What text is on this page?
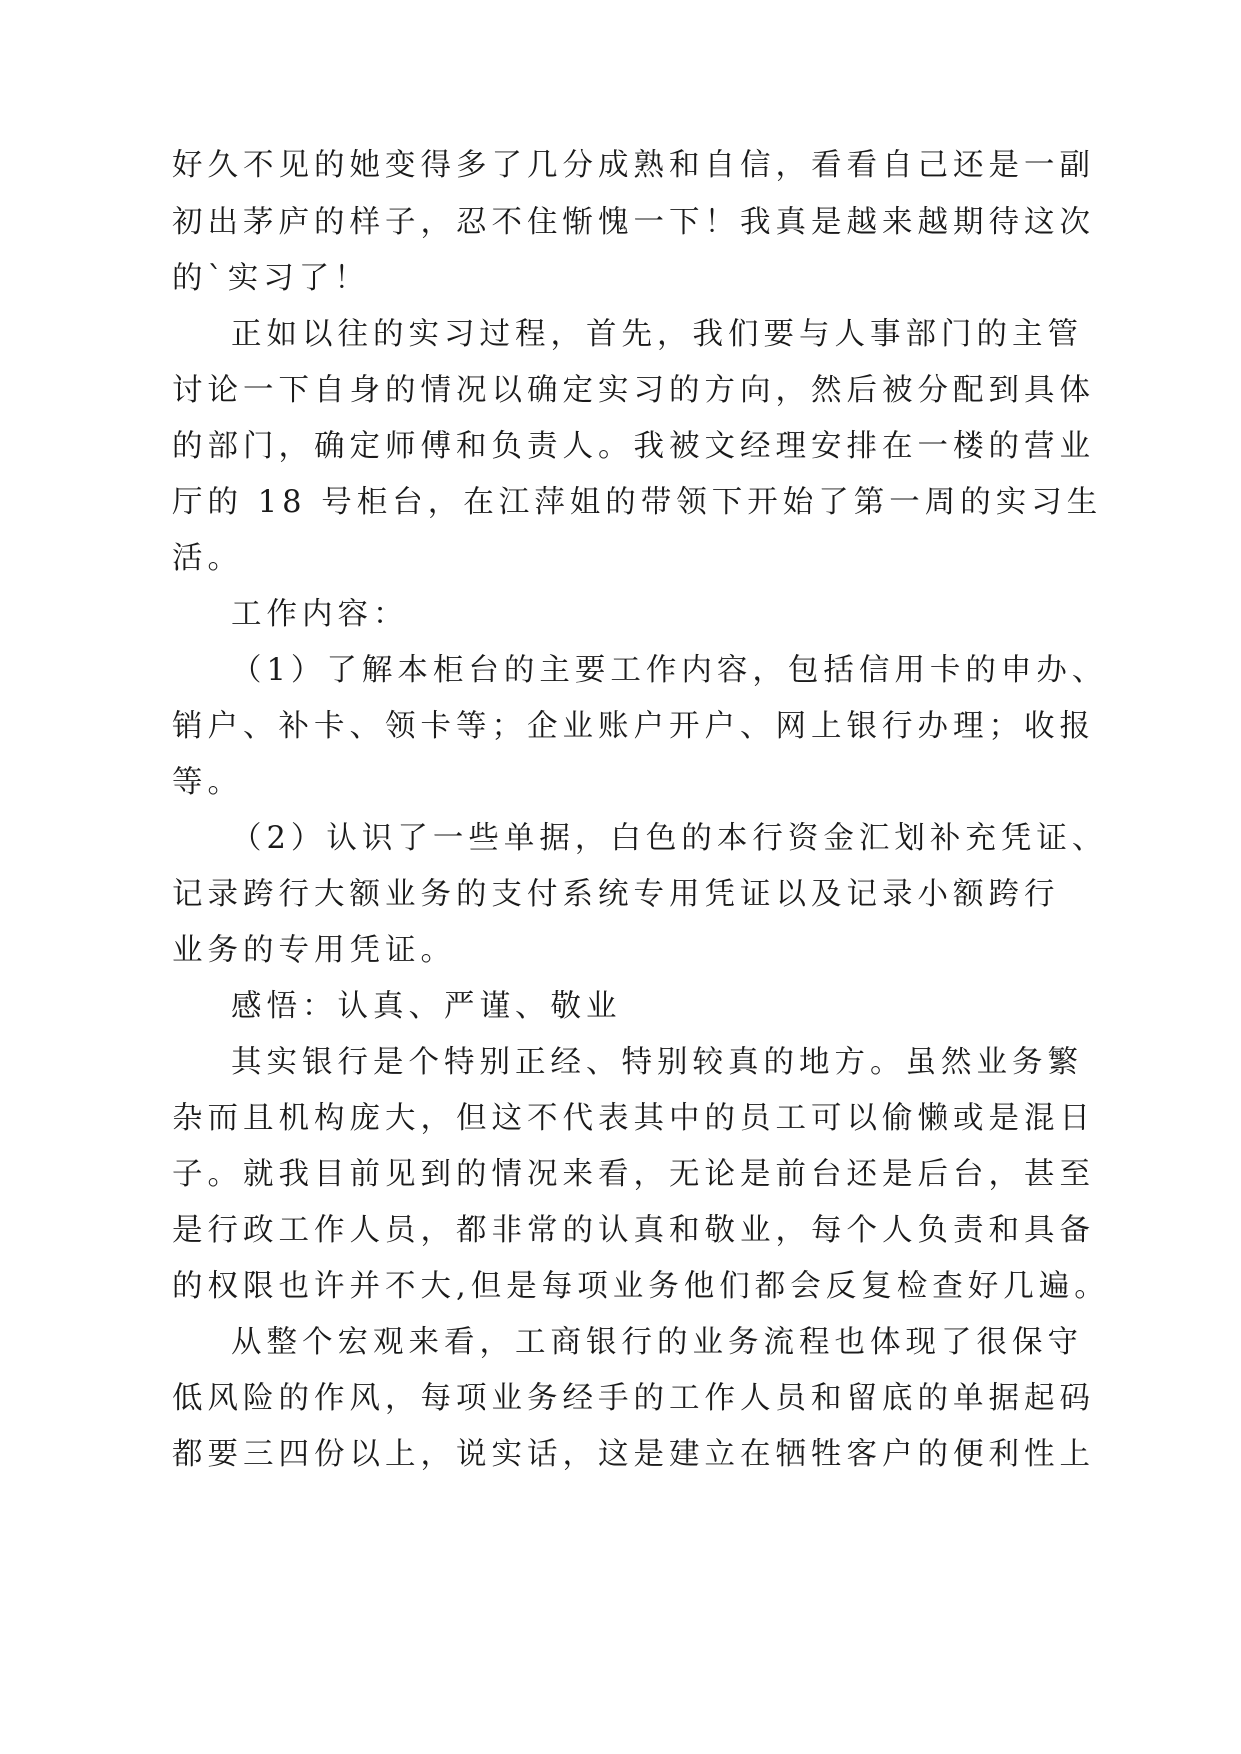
好久不见的她变得多了几分成熟和自信，看看自己还是一副
初出茅庐的样子，忍不住惭愧一下！我真是越来越期待这次
的`实习了！
正如以往的实习过程，首先，我们要与人事部门的主管
讨论一下自身的情况以确定实习的方向，然后被分配到具体
的部门，确定师傅和负责人。我被文经理安排在一楼的营业
厅的 18 号柜台，在江萍姐的带领下开始了第一周的实习生
活。
工作内容：
（1）了解本柜台的主要工作内容，包括信用卡的申办、
销户、补卡、领卡等；企业账户开户、网上银行办理；收报
等。
（2）认识了一些单据，白色的本行资金汇划补充凭证、
记录跨行大额业务的支付系统专用凭证以及记录小额跨行
业务的专用凭证。
感悟：认真、严谨、敬业
其实银行是个特别正经、特别较真的地方。虽然业务繁
杂而且机构庞大，但这不代表其中的员工可以偷懒或是混日
子。就我目前见到的情况来看，无论是前台还是后台，甚至
是行政工作人员，都非常的认真和敬业，每个人负责和具备
的权限也许并不大,但是每项业务他们都会反复检查好几遍。
从整个宏观来看，工商银行的业务流程也体现了很保守
低风险的作风，每项业务经手的工作人员和留底的单据起码
都要三四份以上，说实话，这是建立在牺牲客户的便利性上
